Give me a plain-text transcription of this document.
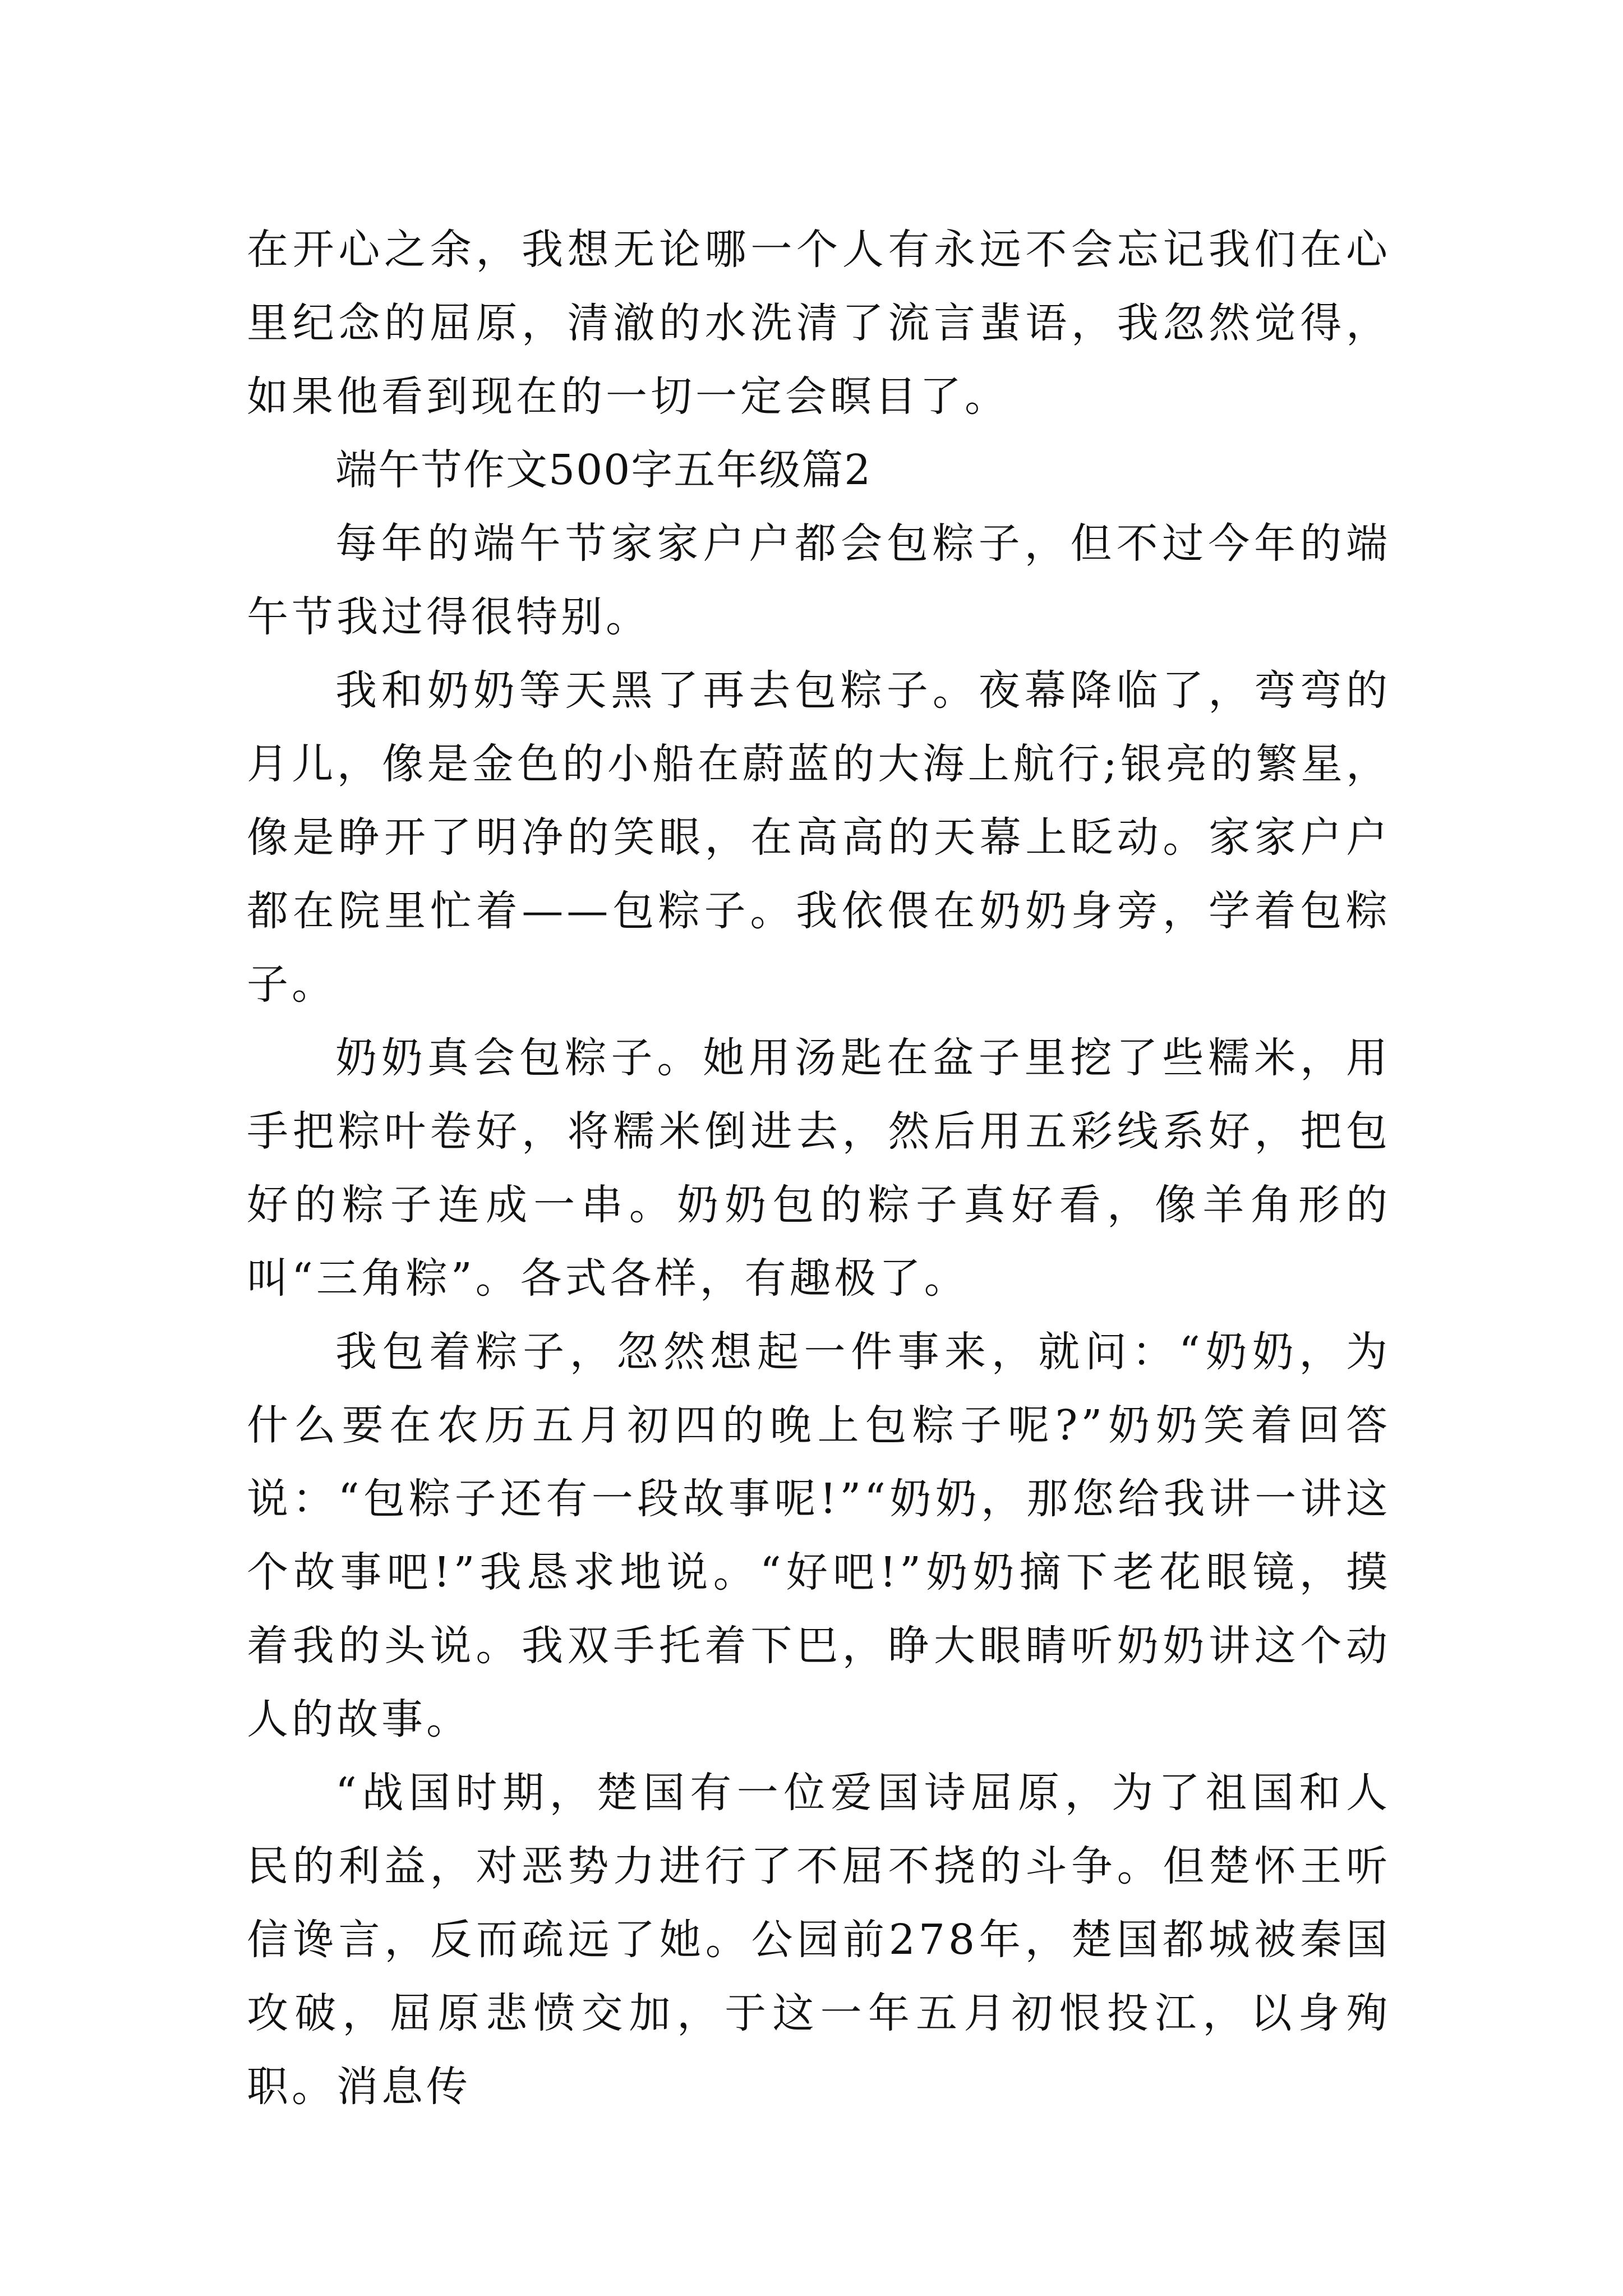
在开心之余，我想无论哪一个人有永远不会忘记我们在心里纪念的屈原，清澈的水洗清了流言蜚语，我忽然觉得，如果他看到现在的一切一定会瞑目了。

端午节作文500字五年级篇2

每年的端午节家家户户都会包粽子，但不过今年的端午节我过得很特别。

我和奶奶等天黑了再去包粽子。夜幕降临了，弯弯的月儿，像是金色的小船在蔚蓝的大海上航行;银亮的繁星，像是睁开了明净的笑眼，在高高的天幕上眨动。家家户户都在院里忙着——包粽子。我依偎在奶奶身旁，学着包粽子。

奶奶真会包粽子。她用汤匙在盆子里挖了些糯米，用手把粽叶卷好，将糯米倒进去，然后用五彩线系好，把包好的粽子连成一串。奶奶包的粽子真好看，像羊角形的叫“三角粽”。各式各样，有趣极了。

我包着粽子，忽然想起一件事来，就问：“奶奶，为什么要在农历五月初四的晚上包粽子呢?”奶奶笑着回答说：“包粽子还有一段故事呢!”“奶奶，那您给我讲一讲这个故事吧!”我恳求地说。“好吧!”奶奶摘下老花眼镜，摸着我的头说。我双手托着下巴，睁大眼睛听奶奶讲这个动人的故事。

“战国时期，楚国有一位爱国诗屈原，为了祖国和人民的利益，对恶势力进行了不屈不挠的斗争。但楚怀王听信谗言，反而疏远了她。公园前278年，楚国都城被秦国攻破，屈原悲愤交加，于这一年五月初恨投江，以身殉职。消息传
